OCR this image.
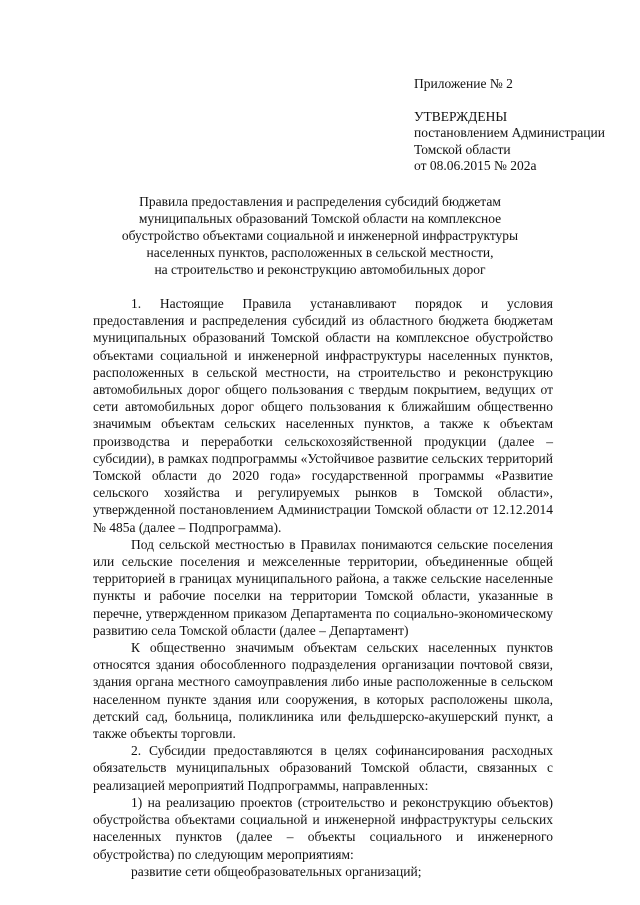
Приложение № 2
УТВЕРЖДЕНЫ
постановлением Администрации
Томской области
от 08.06.2015 № 202а
Правила предоставления и распределения субсидий бюджетам
муниципальных образований Томской области на комплексное
обустройство объектами социальной и инженерной инфраструктуры
населенных пунктов, расположенных в сельской местности,
на строительство и реконструкцию автомобильных дорог

1. Настоящие Правила устанавливают порядок и условия предоставления и распределения субсидий из областного бюджета бюджетам муниципальных образований Томской области на комплексное обустройство объектами социальной и инженерной инфраструктуры населенных пунктов, расположенных в сельской местности, на строительство и реконструкцию автомобильных дорог общего пользования с твердым покрытием, ведущих от сети автомобильных дорог общего пользования к ближайшим общественно значимым объектам сельских населенных пунктов, а также к объектам производства и переработки сельскохозяйственной продукции (далее – субсидии), в рамках подпрограммы «Устойчивое развитие сельских территорий Томской области до 2020 года» государственной программы «Развитие сельского хозяйства и регулируемых рынков в Томской области», утвержденной постановлением Администрации Томской области от 12.12.2014 № 485а (далее – Подпрограмма).

Под сельской местностью в Правилах понимаются сельские поселения или сельские поселения и межселенные территории, объединенные общей территорией в границах муниципального района, а также сельские населенные пункты и рабочие поселки на территории Томской области, указанные в перечне, утвержденном приказом Департамента по социально-экономическому развитию села Томской области (далее – Департамент)

К общественно значимым объектам сельских населенных пунктов относятся здания обособленного подразделения организации почтовой связи, здания органа местного самоуправления либо иные расположенные в сельском населенном пункте здания или сооружения, в которых расположены школа, детский сад, больница, поликлиника или фельдшерско-акушерский пункт, а также объекты торговли.

2. Субсидии предоставляются в целях софинансирования расходных обязательств муниципальных образований Томской области, связанных с реализацией мероприятий Подпрограммы, направленных:

1) на реализацию проектов (строительство и реконструкцию объектов) обустройства объектами социальной и инженерной инфраструктуры сельских населенных пунктов (далее – объекты социального и инженерного обустройства) по следующим мероприятиям:

развитие сети общеобразовательных организаций;
